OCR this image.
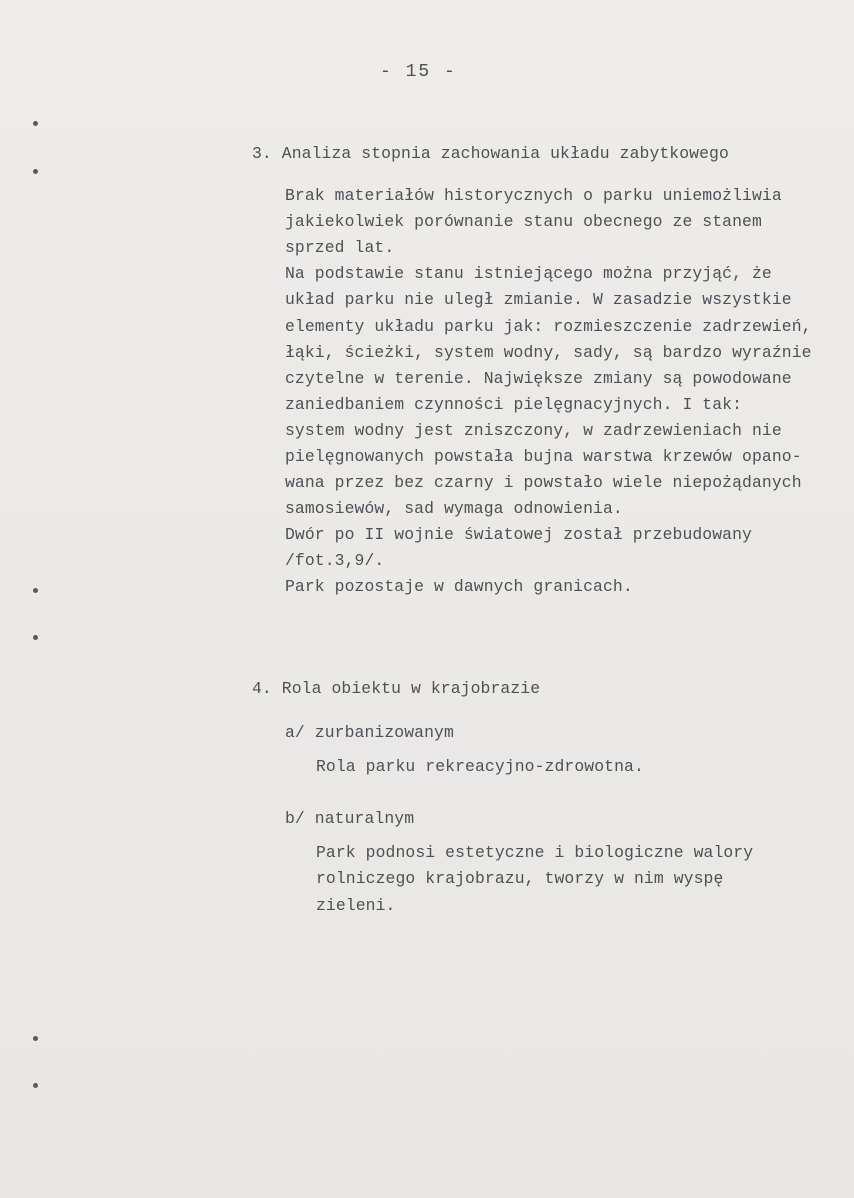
- 15 -
3. Analiza stopnia zachowania układu zabytkowego
Brak materiałów historycznych o parku uniemożliwia
jakiekolwiek porównanie stanu obecnego ze stanem
sprzed lat.
Na podstawie stanu istniejącego można przyjąć, że
układ parku nie uległ zmianie. W zasadzie wszystkie
elementy układu parku jak: rozmieszczenie zadrzewień,
łąki, ścieżki, system wodny, sady, są bardzo wyraźnie
czytelne w terenie. Największe zmiany są powodowane
zaniedbaniem czynności pielęgnacyjnych. I tak:
system wodny jest zniszczony, w zadrzewieniach nie
pielęgnowanych powstała bujna warstwa krzewów opano-
wana przez bez czarny i powstało wiele niepożądanych
samosiewów, sad wymaga odnowienia.
Dwór po II wojnie światowej został przebudowany
/fot.3,9/.
Park pozostaje w dawnych granicach.
4. Rola obiektu w krajobrazie
a/ zurbanizowanym
Rola parku rekreacyjno-zdrowotna.
b/ naturalnym
Park podnosi estetyczne i biologiczne walory
rolniczego krajobrazu, tworzy w nim wyspę
zieleni.
